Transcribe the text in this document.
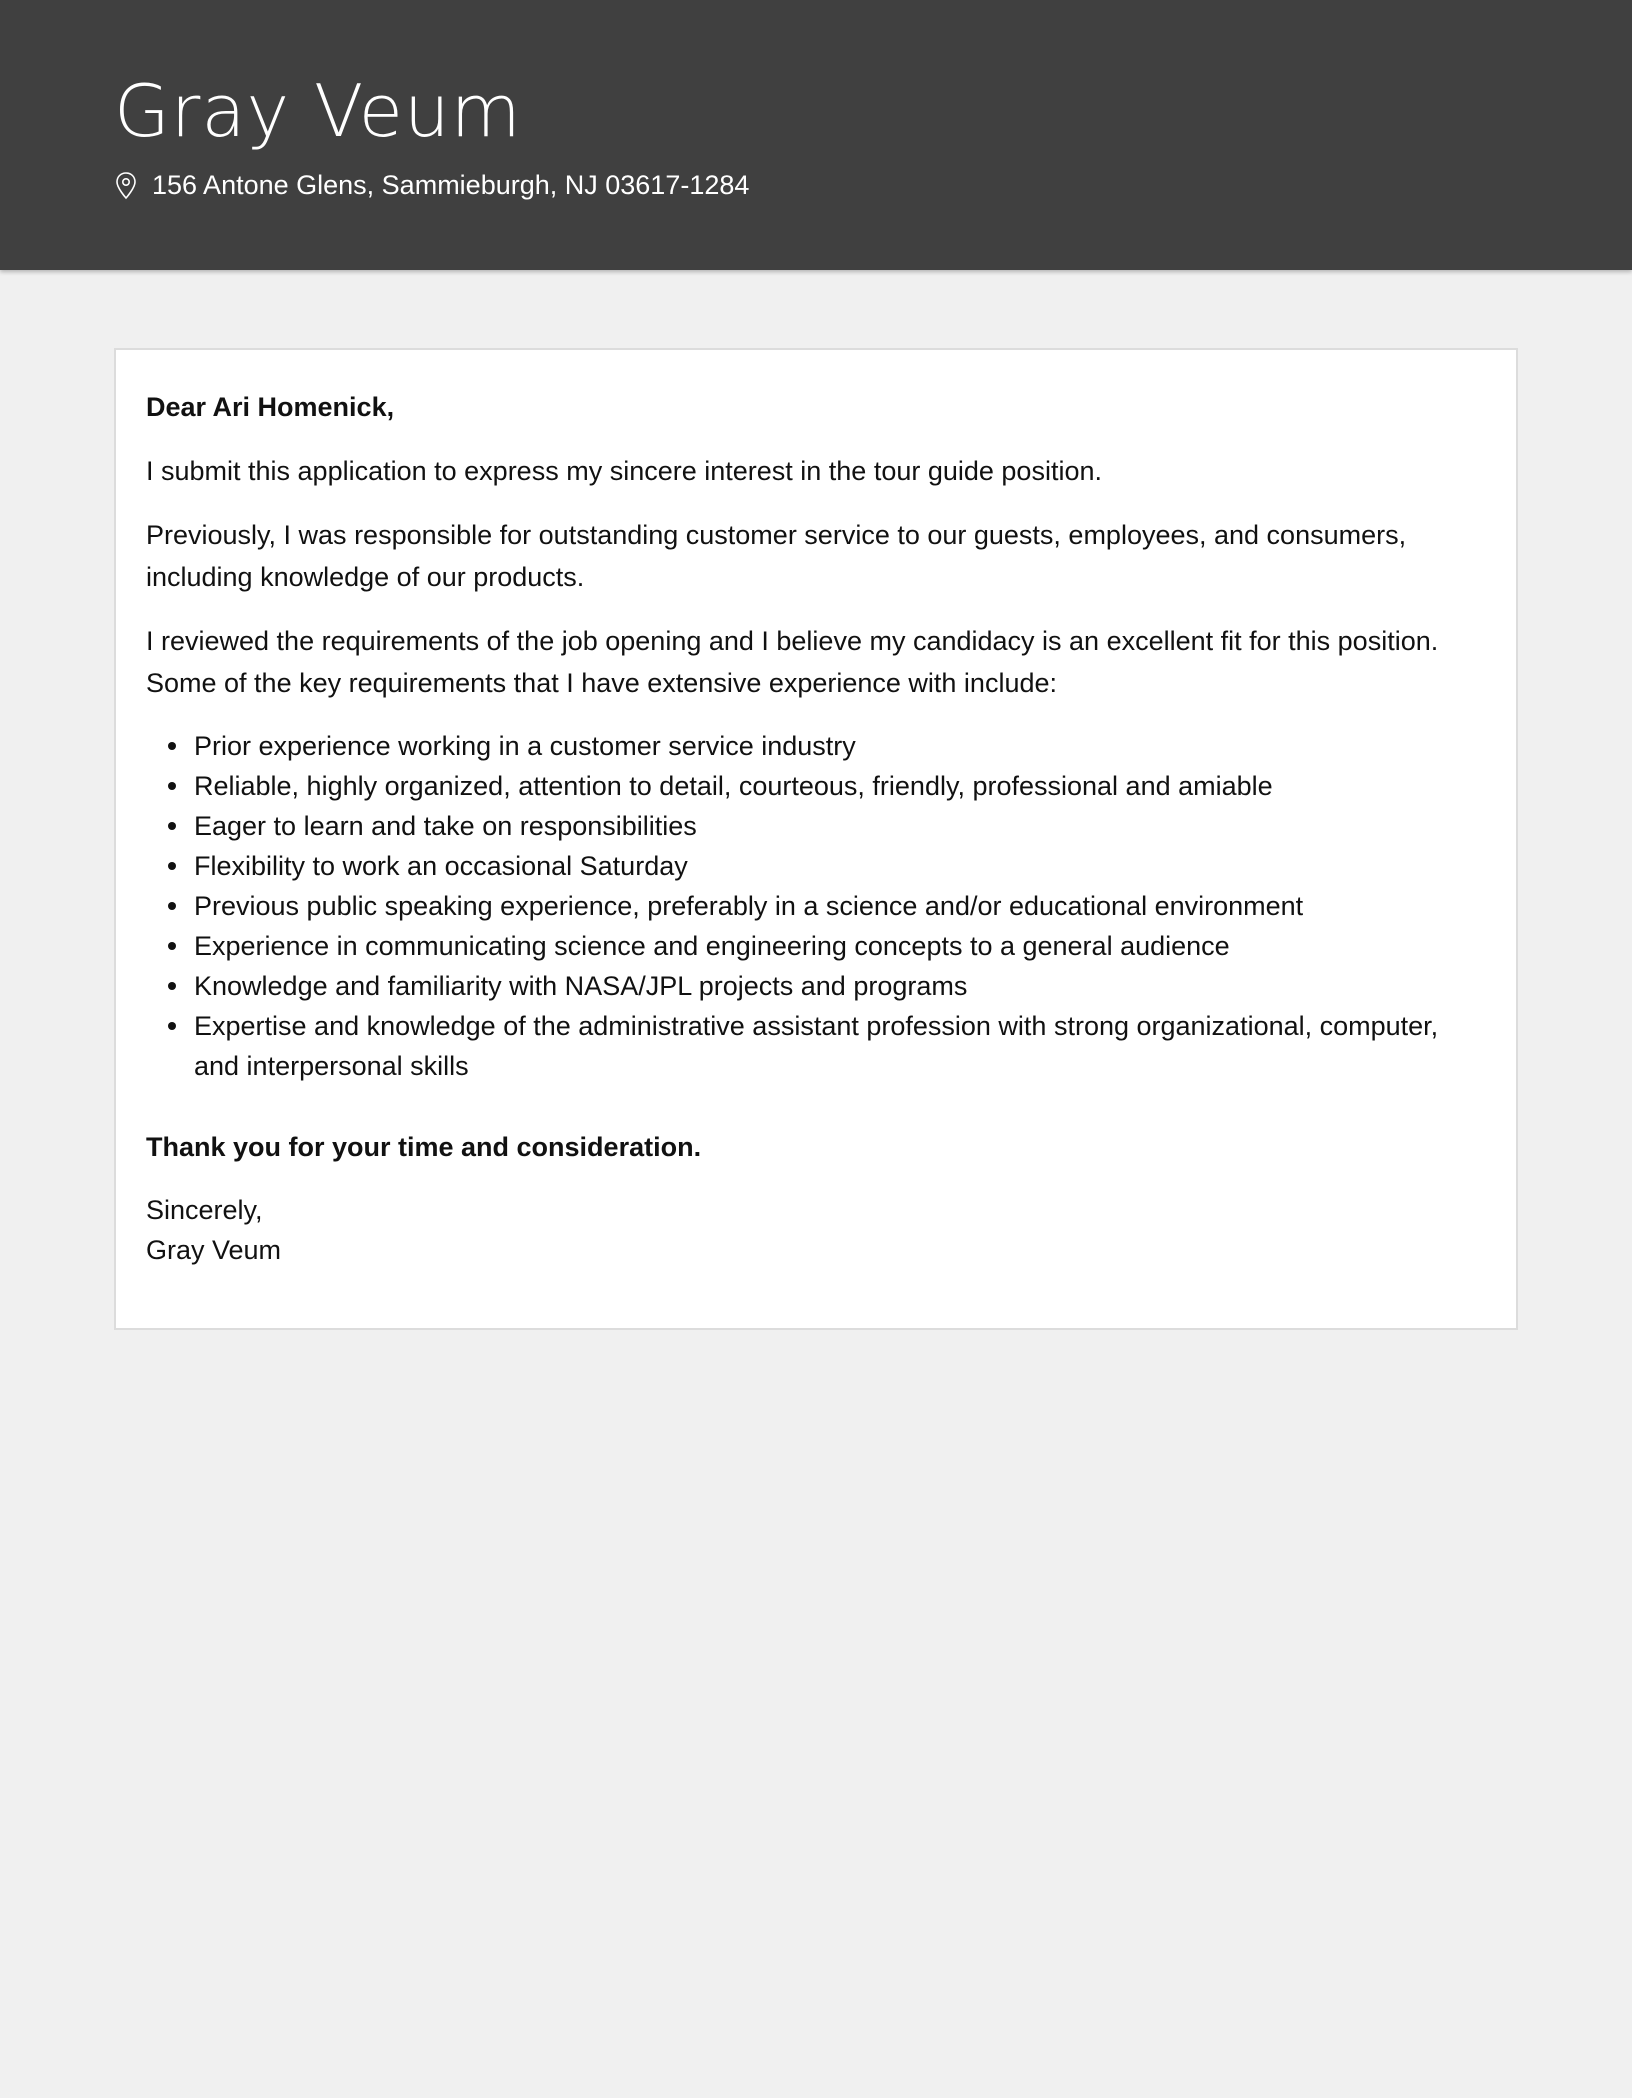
Gray Veum
156 Antone Glens, Sammieburgh, NJ 03617-1284
Dear Ari Homenick,

I submit this application to express my sincere interest in the tour guide position.

Previously, I was responsible for outstanding customer service to our guests, employees, and consumers, including knowledge of our products.

I reviewed the requirements of the job opening and I believe my candidacy is an excellent fit for this position. Some of the key requirements that I have extensive experience with include:

Prior experience working in a customer service industry
Reliable, highly organized, attention to detail, courteous, friendly, professional and amiable
Eager to learn and take on responsibilities
Flexibility to work an occasional Saturday
Previous public speaking experience, preferably in a science and/or educational environment
Experience in communicating science and engineering concepts to a general audience
Knowledge and familiarity with NASA/JPL projects and programs
Expertise and knowledge of the administrative assistant profession with strong organizational, computer, and interpersonal skills
Thank you for your time and consideration.
Sincerely,
Gray Veum
